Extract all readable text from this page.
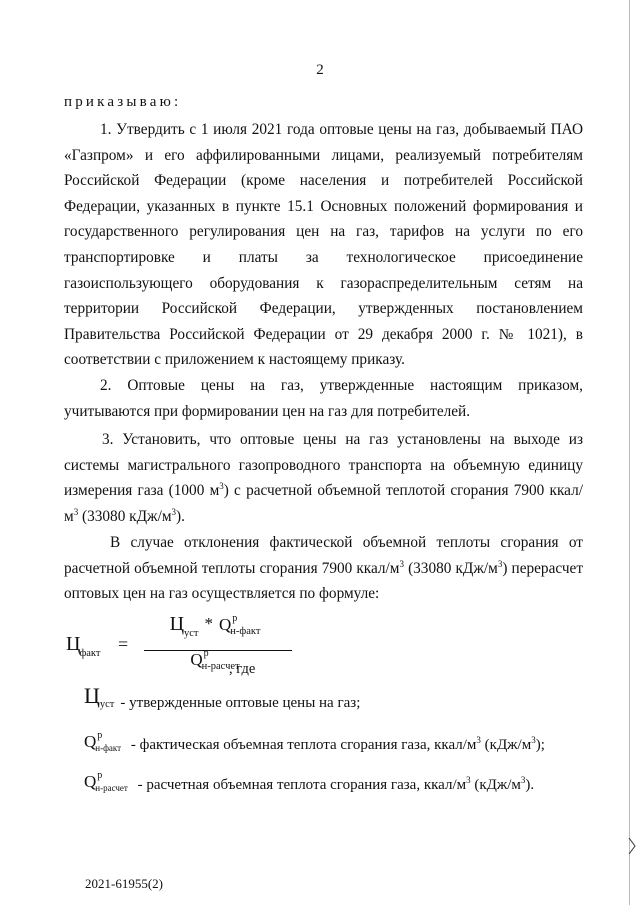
2
приказываю:

1. Утвердить с 1 июля 2021 года оптовые цены на газ, добываемый ПАО «Газпром» и его аффилированными лицами, реализуемый потребителям Российской Федерации (кроме населения и потребителей Российской Федерации, указанных в пункте 15.1 Основных положений формирования и государственного регулирования цен на газ, тарифов на услуги по его транспортировке и платы за технологическое присоединение газоиспользующего оборудования к газораспределительным сетям на территории Российской Федерации, утвержденных постановлением Правительства Российской Федерации от 29 декабря 2000 г. № 1021), в соответствии с приложением к настоящему приказу.

2. Оптовые цены на газ, утвержденные настоящим приказом, учитываются при формировании цен на газ для потребителей.

3. Установить, что оптовые цены на газ установлены на выходе из системы магистрального газопроводного транспорта на объемную единицу измерения газа (1000 $м^3$) с расчетной объемной теплотой сгорания 7900 ккал/$м^3$ (33080 кДж/$м^3$).

В случае отклонения фактической объемной теплоты сгорания от расчетной объемной теплоты сгорания 7900 ккал/$м^3$ (33080 кДж/$м^3$) перерасчет оптовых цен на газ осуществляется по формуле:

$Ц_{факт}$ =
$Ц_{уст}*$ $Q^р_{н-факт}$
$Q^р_{н-расчет}$
, где
$Ц_{уст}$ - утвержденные оптовые цены на газ;
$Q^р_{н-факт}$ - фактическая объемная теплота сгорания газа, ккал/$м^3$ $(кДж/м^3)$;
$Q^р_{н-расчет}$ - расчетная объемная теплота сгорания газа, ккал/$м^3$ $(кДж/м^3)$.
2021-61955(2)
